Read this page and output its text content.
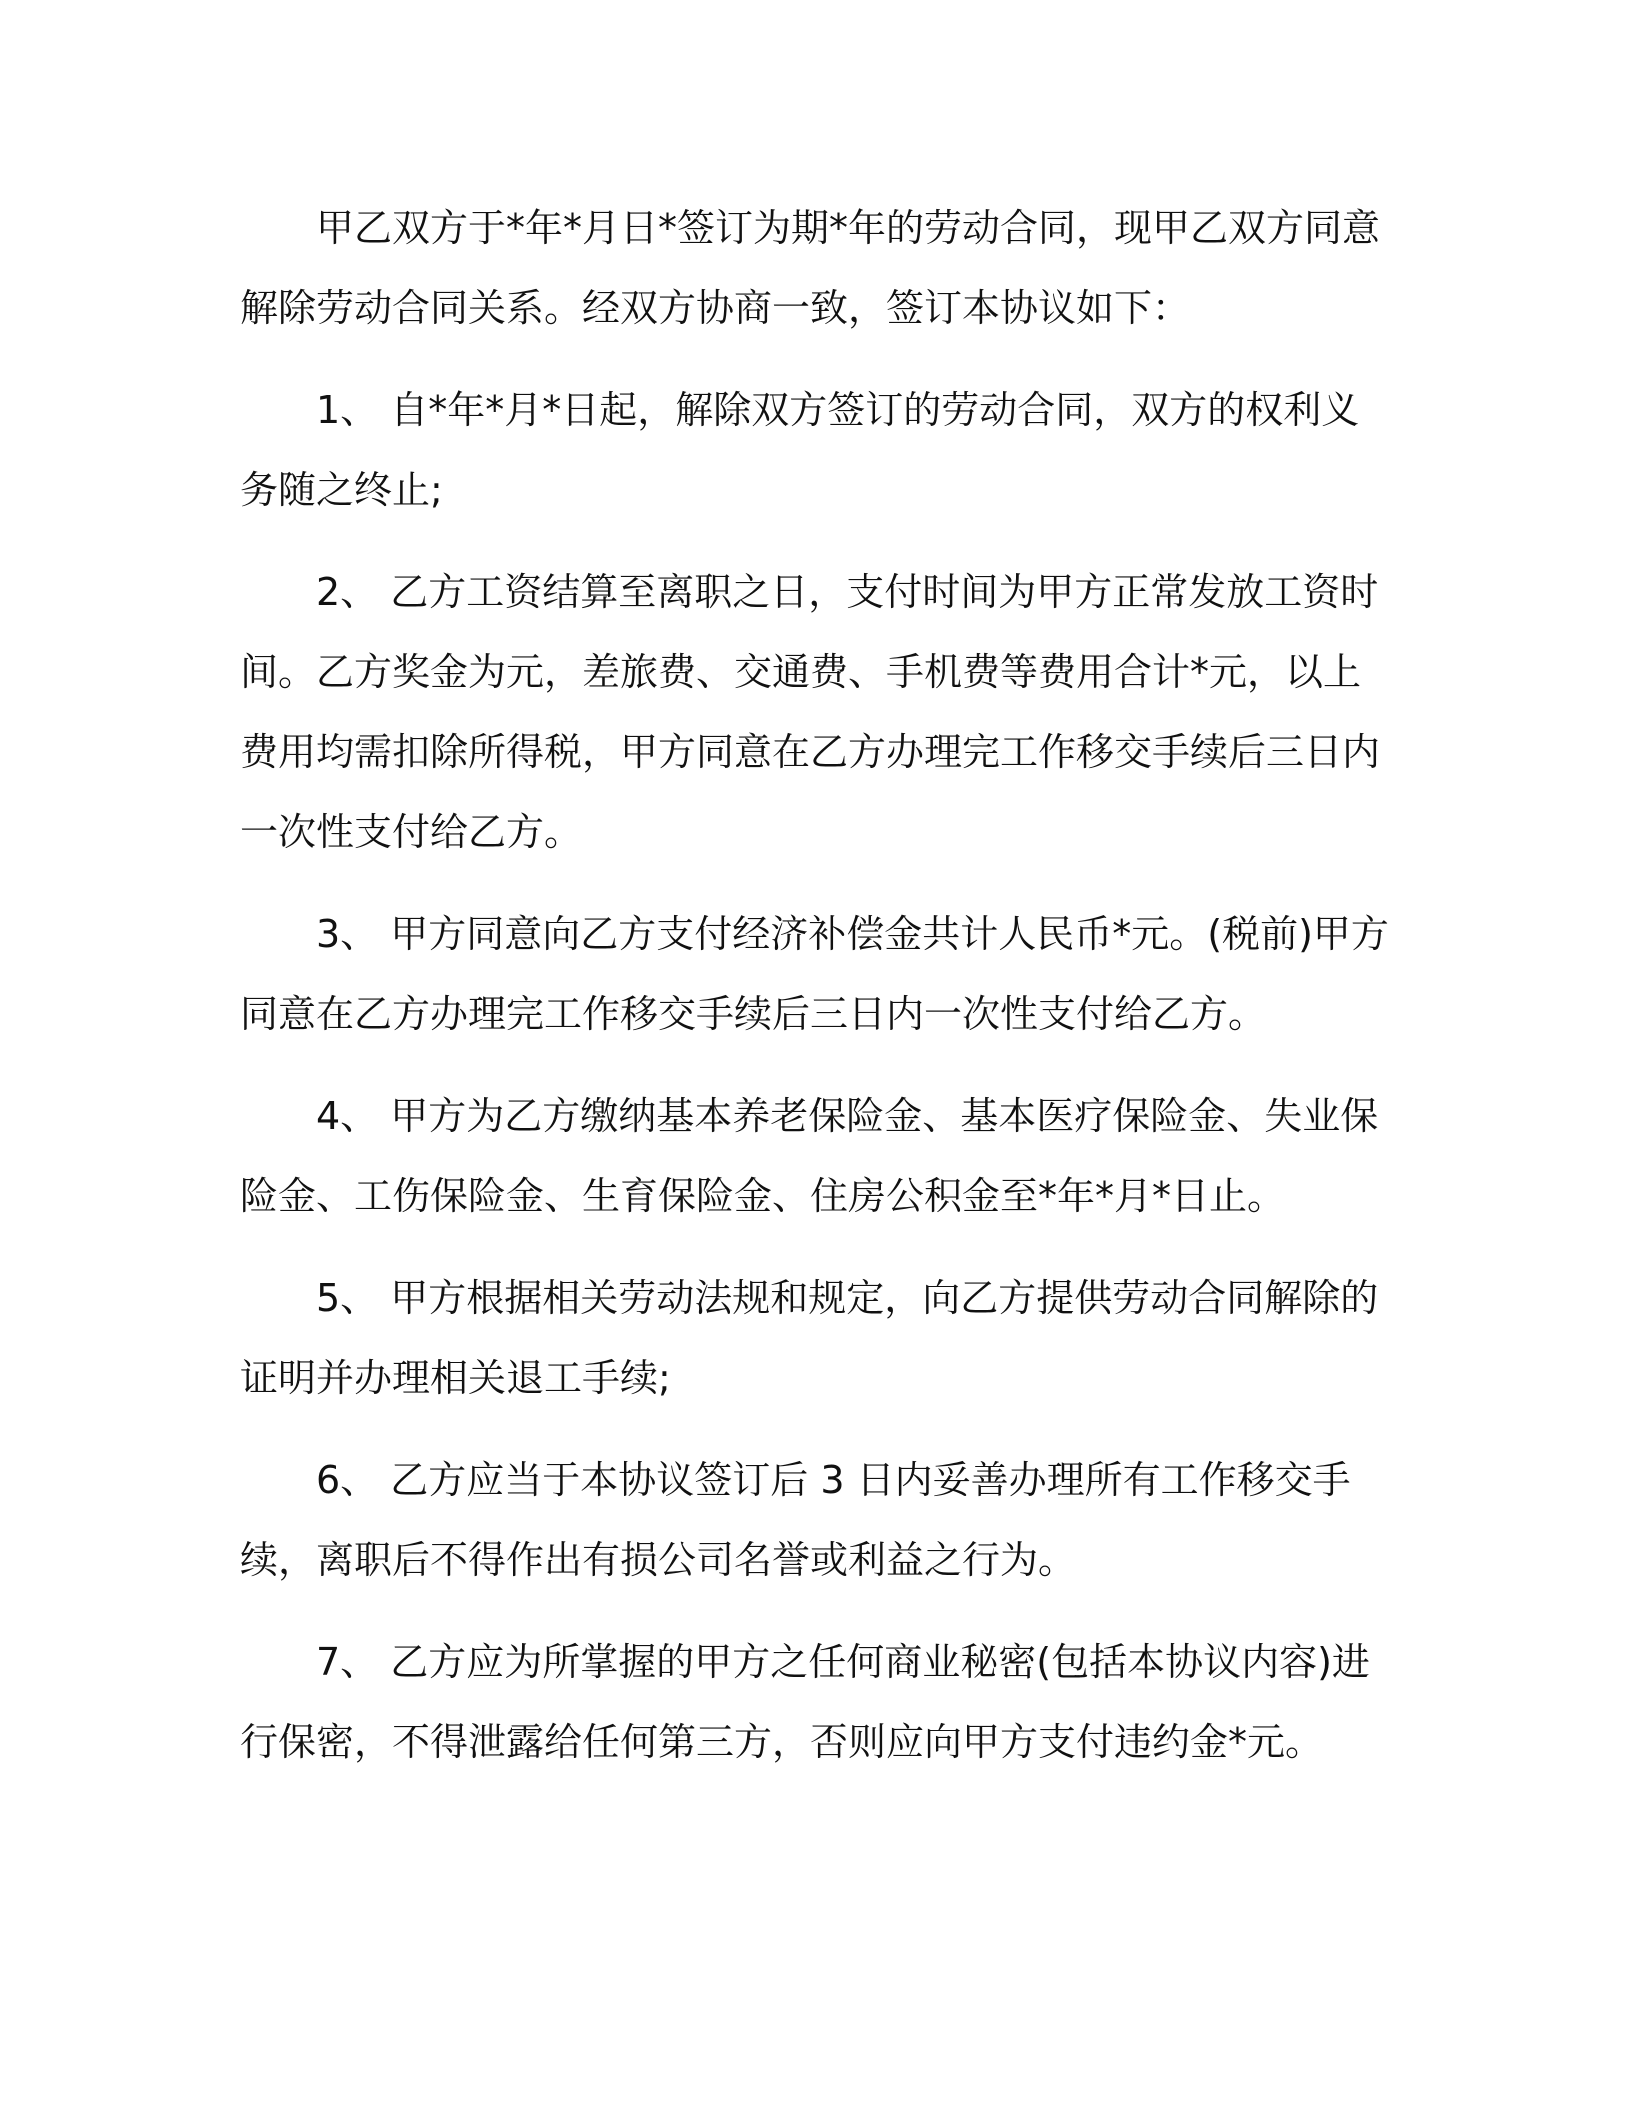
甲乙双方于*年*月日*签订为期*年的劳动合同，现甲乙双方同意解除劳动合同关系。经双方协商一致，签订本协议如下：

1、 自*年*月*日起，解除双方签订的劳动合同，双方的权利义务随之终止;

2、 乙方工资结算至离职之日，支付时间为甲方正常发放工资时间。乙方奖金为元，差旅费、交通费、手机费等费用合计*元，以上费用均需扣除所得税，甲方同意在乙方办理完工作移交手续后三日内一次性支付给乙方。

3、 甲方同意向乙方支付经济补偿金共计人民币*元。(税前)甲方同意在乙方办理完工作移交手续后三日内一次性支付给乙方。

4、 甲方为乙方缴纳基本养老保险金、基本医疗保险金、失业保险金、工伤保险金、生育保险金、住房公积金至*年*月*日止。

5、 甲方根据相关劳动法规和规定，向乙方提供劳动合同解除的证明并办理相关退工手续;

6、 乙方应当于本协议签订后 3 日内妥善办理所有工作移交手续，离职后不得作出有损公司名誉或利益之行为。

7、 乙方应为所掌握的甲方之任何商业秘密(包括本协议内容)进行保密，不得泄露给任何第三方，否则应向甲方支付违约金*元。
